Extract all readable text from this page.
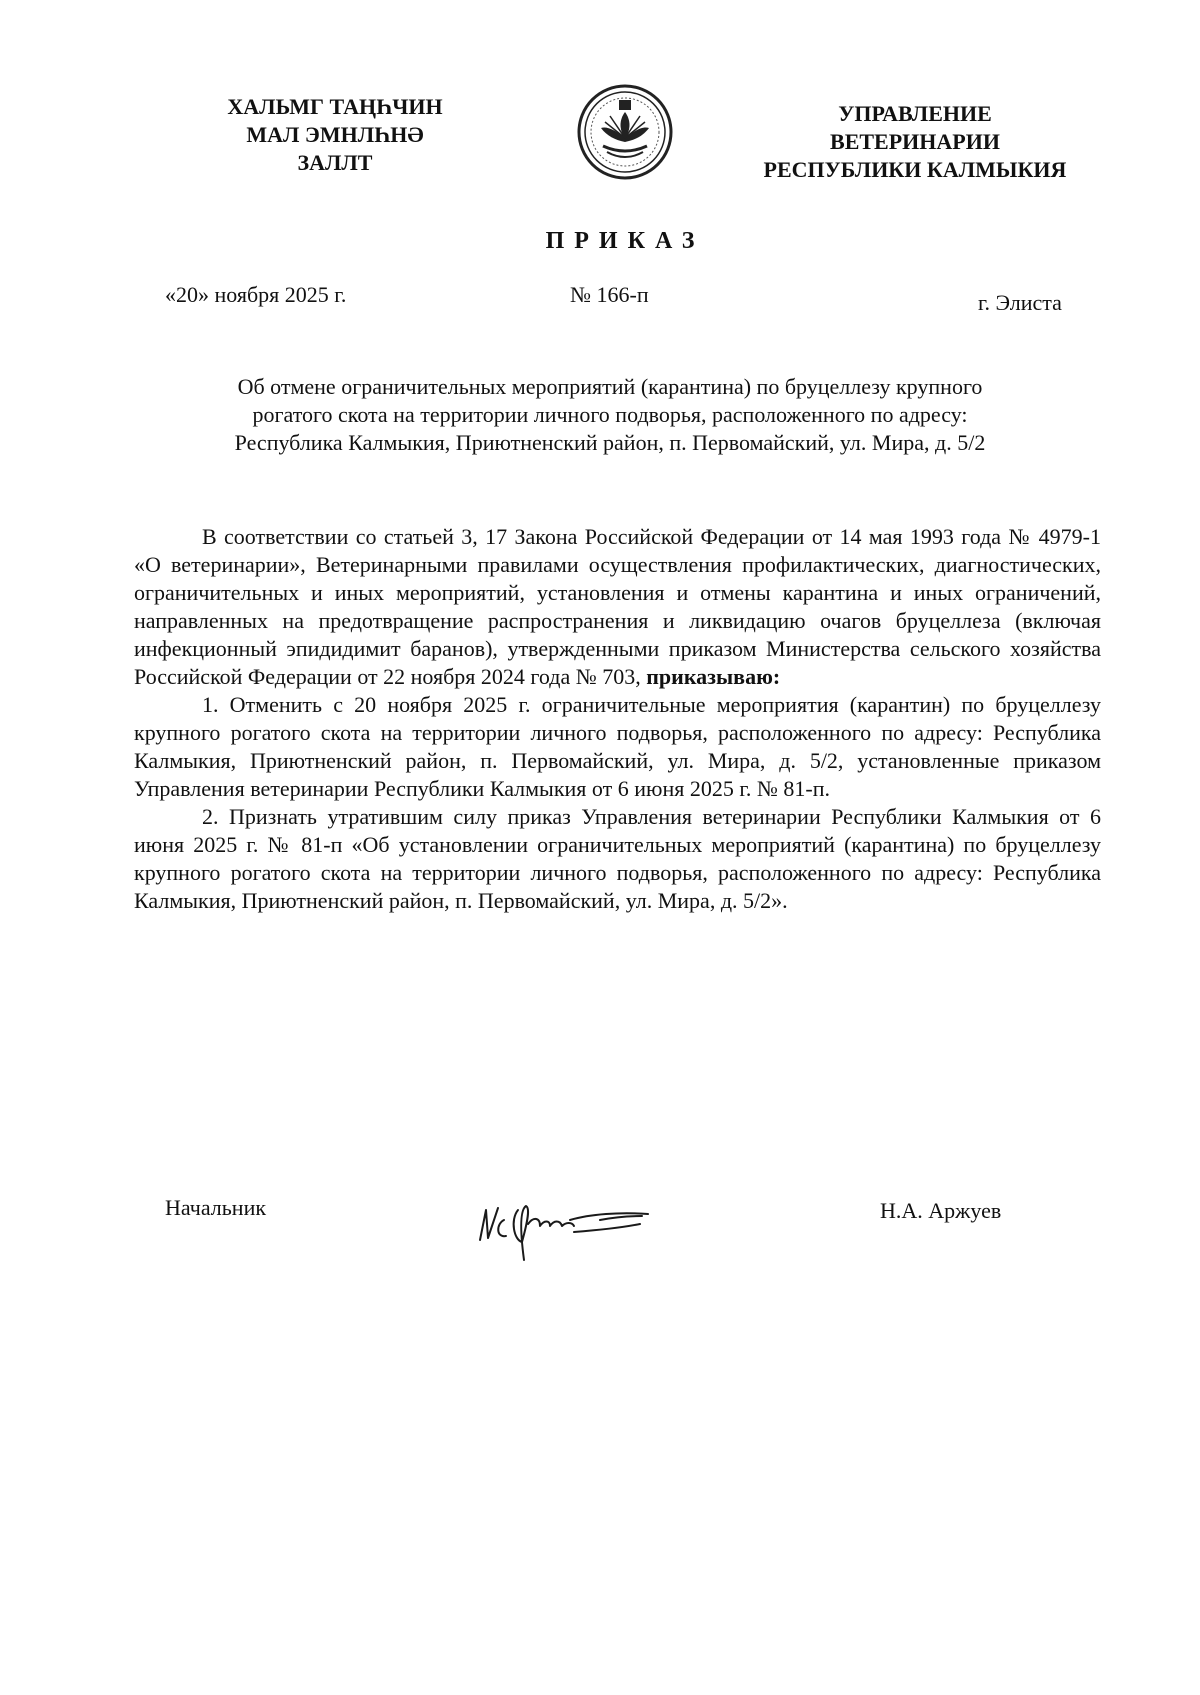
ХАЛЬМГ ТАҢҺЧИН
МАЛ ЭМНЛҺНӘ
ЗАЛЛТ
УПРАВЛЕНИЕ
ВЕТЕРИНАРИИ
РЕСПУБЛИКИ КАЛМЫКИЯ
ПРИКАЗ
«20» ноября 2025 г.	№ 166-п	г. Элиста
Об отмене ограничительных мероприятий (карантина) по бруцеллезу крупного
рогатого скота на территории личного подворья, расположенного по адресу:
Республика Калмыкия, Приютненский район, п. Первомайский, ул. Мира, д. 5/2

В соответствии со статьей 3, 17 Закона Российской Федерации от 14 мая 1993 года № 4979-1 «О ветеринарии», Ветеринарными правилами осуществления профилактических, диагностических, ограничительных и иных мероприятий, установления и отмены карантина и иных ограничений, направленных на предотвращение распространения и ликвидацию очагов бруцеллеза (включая инфекционный эпидидимит баранов), утвержденными приказом Министерства сельского хозяйства Российской Федерации от 22 ноября 2024 года № 703, приказываю:

1. Отменить с 20 ноября 2025 г. ограничительные мероприятия (карантин) по бруцеллезу крупного рогатого скота на территории личного подворья, расположенного по адресу: Республика Калмыкия, Приютненский район, п. Первомайский, ул. Мира, д. 5/2, установленные приказом Управления ветеринарии Республики Калмыкия от 6 июня 2025 г. № 81-п.

2. Признать утратившим силу приказ Управления ветеринарии Республики Калмыкия от 6 июня 2025 г. № 81-п «Об установлении ограничительных мероприятий (карантина) по бруцеллезу крупного рогатого скота на территории личного подворья, расположенного по адресу: Республика Калмыкия, Приютненский район, п. Первомайский, ул. Мира, д. 5/2».

Начальник	Н.А. Аржуев
